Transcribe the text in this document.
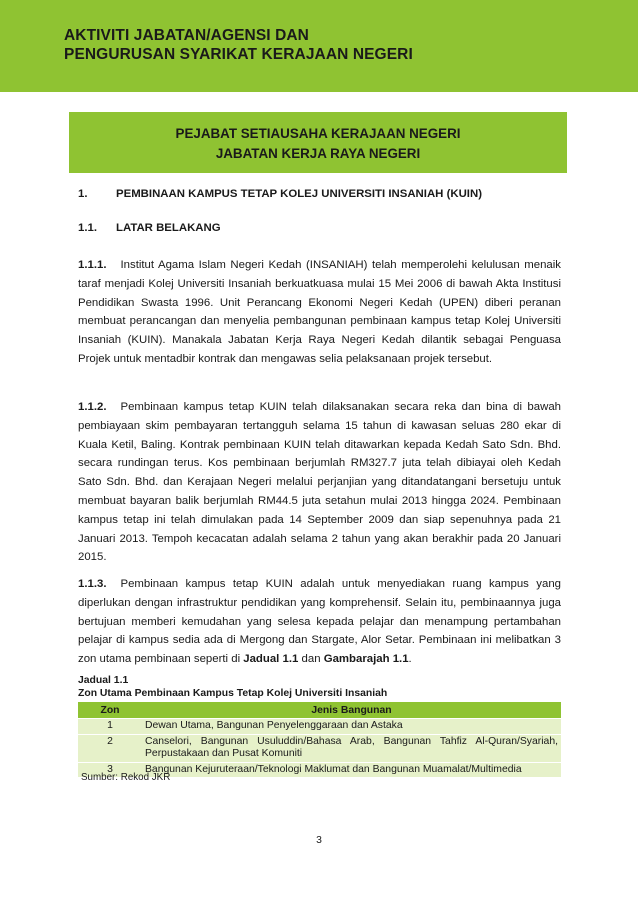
AKTIVITI JABATAN/AGENSI DAN
PENGURUSAN SYARIKAT KERAJAAN NEGERI
PEJABAT SETIAUSAHA KERAJAAN NEGERI
JABATAN KERJA RAYA NEGERI
1.	PEMBINAAN KAMPUS TETAP KOLEJ UNIVERSITI INSANIAH (KUIN)
1.1. LATAR BELAKANG
1.1.1. Institut Agama Islam Negeri Kedah (INSANIAH) telah memperolehi kelulusan menaik taraf menjadi Kolej Universiti Insaniah berkuatkuasa mulai 15 Mei 2006 di bawah Akta Institusi Pendidikan Swasta 1996. Unit Perancang Ekonomi Negeri Kedah (UPEN) diberi peranan membuat perancangan dan menyelia pembangunan pembinaan kampus tetap Kolej Universiti Insaniah (KUIN). Manakala Jabatan Kerja Raya Negeri Kedah dilantik sebagai Penguasa Projek untuk mentadbir kontrak dan mengawas selia pelaksanaan projek tersebut.
1.1.2. Pembinaan kampus tetap KUIN telah dilaksanakan secara reka dan bina di bawah pembiayaan skim pembayaran tertangguh selama 15 tahun di kawasan seluas 280 ekar di Kuala Ketil, Baling. Kontrak pembinaan KUIN telah ditawarkan kepada Kedah Sato Sdn. Bhd. secara rundingan terus. Kos pembinaan berjumlah RM327.7 juta telah dibiayai oleh Kedah Sato Sdn. Bhd. dan Kerajaan Negeri melalui perjanjian yang ditandatangani bersetuju untuk membuat bayaran balik berjumlah RM44.5 juta setahun mulai 2013 hingga 2024. Pembinaan kampus tetap ini telah dimulakan pada 14 September 2009 dan siap sepenuhnya pada 21 Januari 2013. Tempoh kecacatan adalah selama 2 tahun yang akan berakhir pada 20 Januari 2015.
1.1.3. Pembinaan kampus tetap KUIN adalah untuk menyediakan ruang kampus yang diperlukan dengan infrastruktur pendidikan yang komprehensif. Selain itu, pembinaannya juga bertujuan memberi kemudahan yang selesa kepada pelajar dan menampung pertambahan pelajar di kampus sedia ada di Mergong dan Stargate, Alor Setar. Pembinaan ini melibatkan 3 zon utama pembinaan seperti di Jadual 1.1 dan Gambarajah 1.1.
Jadual 1.1
Zon Utama Pembinaan Kampus Tetap Kolej Universiti Insaniah
Zon	Jenis Bangunan
1	Dewan Utama, Bangunan Penyelenggaraan dan Astaka
2	Canselori, Bangunan Usuluddin/Bahasa Arab, Bangunan Tahfiz Al-Quran/Syariah, Perpustakaan dan Pusat Komuniti
3	Bangunan Kejuruteraan/Teknologi Maklumat dan Bangunan Muamalat/Multimedia
Sumber: Rekod JKR
3
